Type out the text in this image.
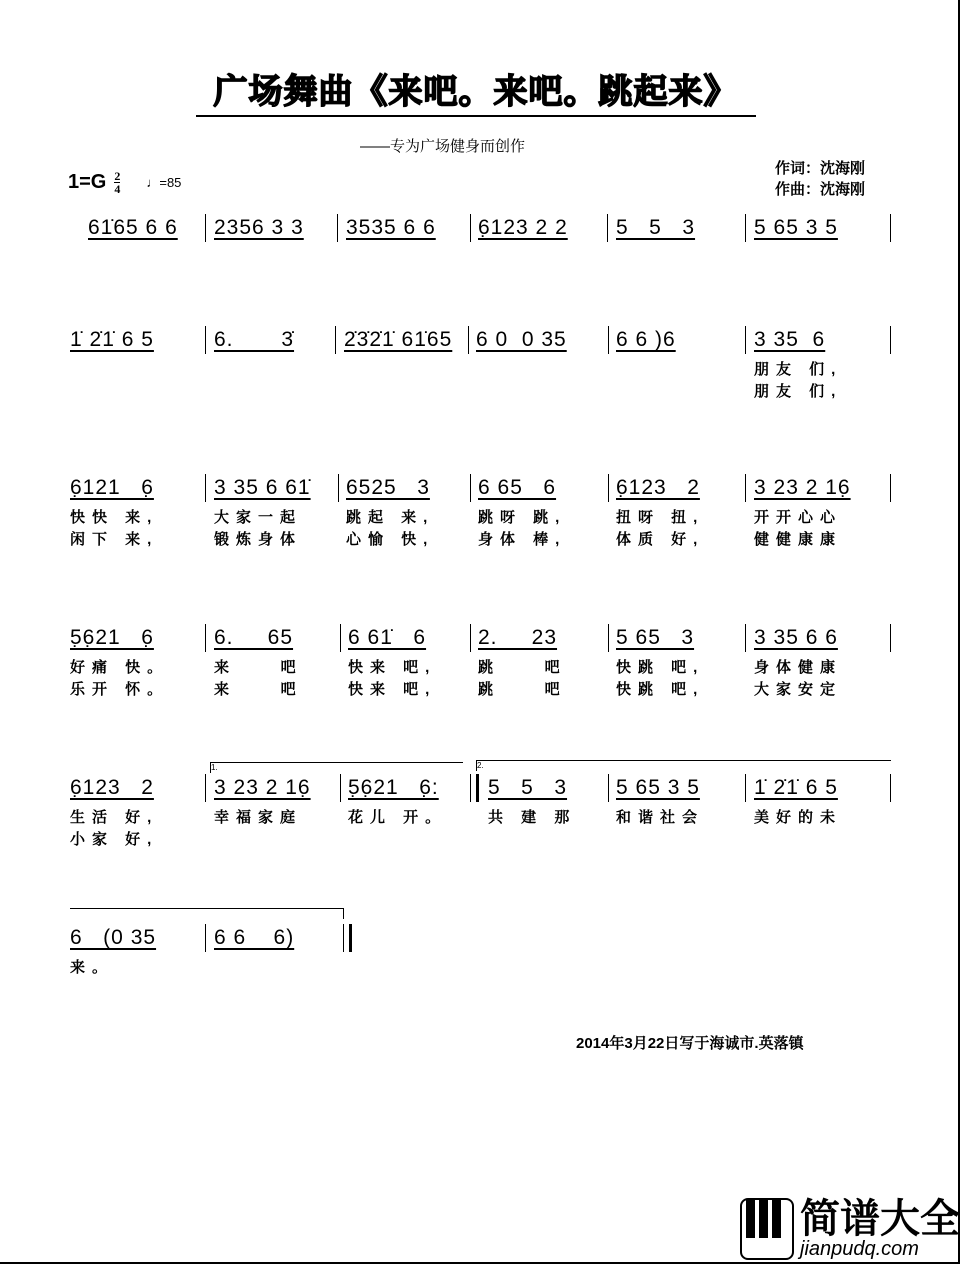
广场舞曲《来吧。来吧。跳起来》
——专为广场健身而创作
作词：沈海刚
作曲：沈海刚
1=G 2
4 ♩=85
61̇65 6 6 2356 3 3 3535 6 6 6̣123 2 2 5   5   3	5 65 3 5
1̇ 2̇1̇ 6 5	6.       3̇ 2̇3̇2̇1̇ 61̇65 6 0  0 35 6 6 )6	3 35  6
朋友 们,
朋友 们,
6̣121   6̣
快快 来,
闲下 来,
3 35 6 61̇
大家一起
锻炼身体
6525   3
跳起 来,
心愉 快,
6 65   6
跳呀 跳,
身体 棒,
6̣123   2
扭呀 扭,
体质 好,
3 23 2 16̣
开开心心
健健康康
5̣6̣21   6̣
好痛 快。
乐开 怀。
6.     65
来    吧
来    吧
6 61̇   6
快来 吧,
快来 吧,
2.     23
跳    吧
跳    吧
5 65   3
快跳 吧,
快跳 吧,
3 35 6 6
身体健康
大家安定
6̣123   2
生活 好,
小家 好,
3 23 2 16̣
幸福家庭
5̣6̣21   6̣:
花儿 开。
5   5   3
共 建 那
5 65 3 5
和谐社会
1̇ 2̇1̇ 6 5
美好的未
6   (0 35
来。
6 6    6)
1.	2.
2014年3月22日写于海诚市.英落镇
简谱大全
jianpudq.com
